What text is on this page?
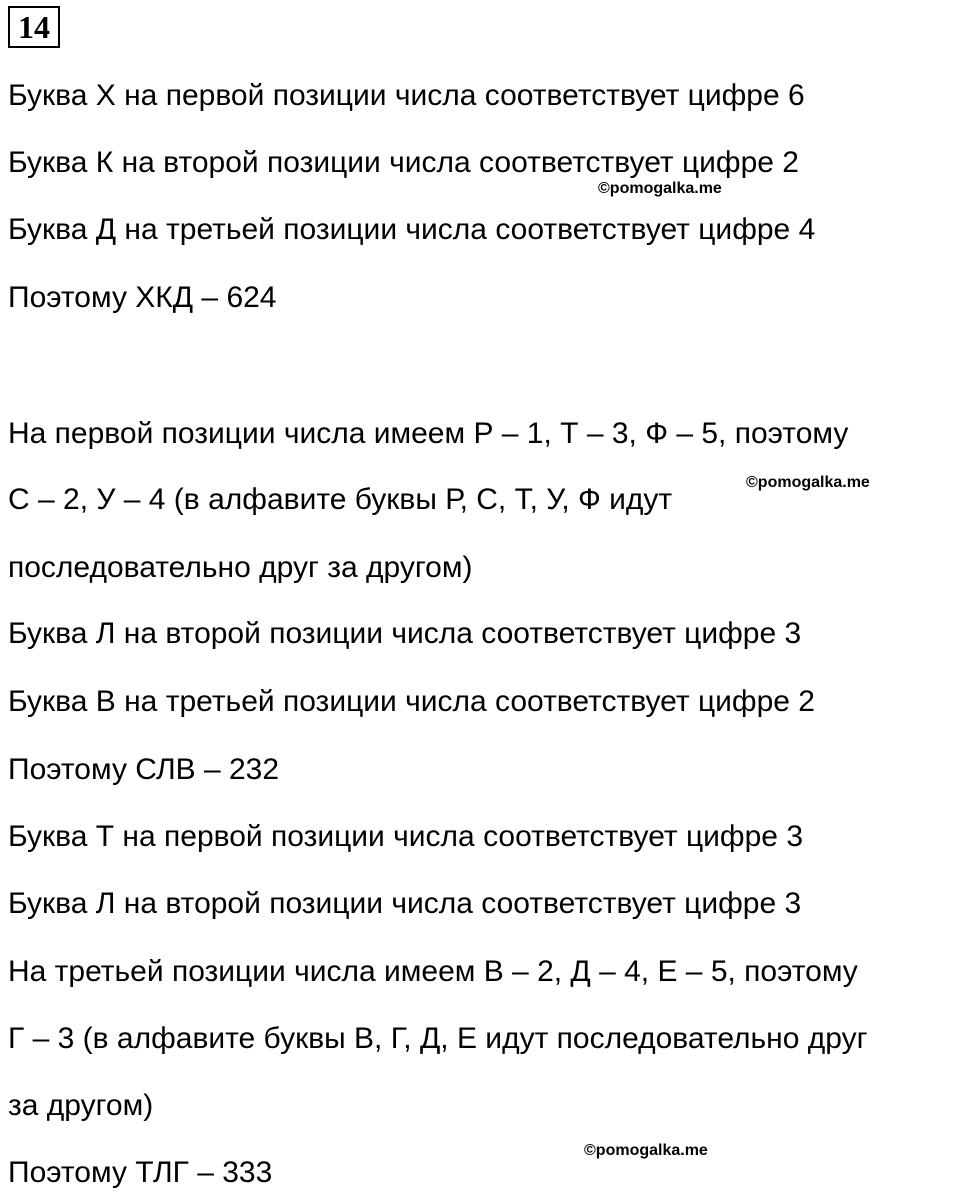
14
Буква Х на первой позиции числа соответствует цифре 6
Буква К на второй позиции числа соответствует цифре 2
Буква Д на третьей позиции числа соответствует цифре 4
Поэтому ХКД – 624
На первой позиции числа имеем Р – 1, Т – 3, Ф – 5, поэтому
С – 2, У – 4 (в алфавите буквы Р, С, Т, У, Ф идут
последовательно друг за другом)
Буква Л на второй позиции числа соответствует цифре 3
Буква В на третьей позиции числа соответствует цифре 2
Поэтому СЛВ – 232
Буква Т на первой позиции числа соответствует цифре 3
Буква Л на второй позиции числа соответствует цифре 3
На третьей позиции числа имеем В – 2, Д – 4, Е – 5, поэтому
Г – 3 (в алфавите буквы В, Г, Д, Е идут последовательно друг
за другом)
Поэтому ТЛГ – 333
©pomogalka.me
©pomogalka.me
©pomogalka.me
